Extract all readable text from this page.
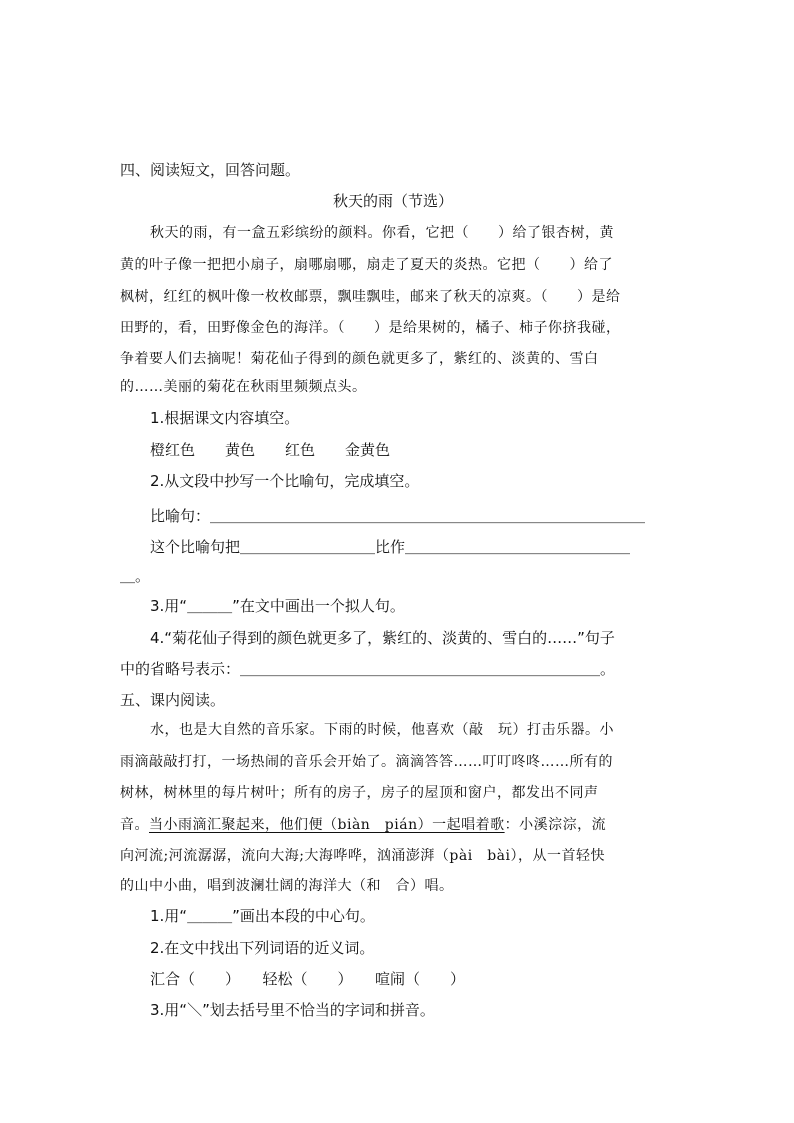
四、阅读短文，回答问题。
秋天的雨（节选）
秋天的雨，有一盒五彩缤纷的颜料。你看，它把（　　）给了银杏树，黄
黄的叶子像一把把小扇子，扇哪扇哪，扇走了夏天的炎热。它把（　　）给了
枫树，红红的枫叶像一枚枚邮票，飘哇飘哇，邮来了秋天的凉爽。（　　）是给
田野的，看，田野像金色的海洋。（　　）是给果树的，橘子、柿子你挤我碰，
争着要人们去摘呢！菊花仙子得到的颜色就更多了，紫红的、淡黄的、雪白
的……美丽的菊花在秋雨里频频点头。
1.根据课文内容填空。
橙红色　　黄色　　红色　　金黄色
2.从文段中抄写一个比喻句，完成填空。
比喻句：＿＿＿＿＿＿＿＿＿＿＿＿＿＿＿＿＿＿＿＿＿＿＿＿＿＿＿＿＿
这个比喻句把＿＿＿＿＿＿＿＿＿比作＿＿＿＿＿＿＿＿＿＿＿＿＿＿＿
＿。
3.用“＿＿＿”在文中画出一个拟人句。
4.“菊花仙子得到的颜色就更多了，紫红的、淡黄的、雪白的……”句子
中的省略号表示：＿＿＿＿＿＿＿＿＿＿＿＿＿＿＿＿＿＿＿＿＿＿＿＿。
五、课内阅读。
水，也是大自然的音乐家。下雨的时候，他喜欢（敲　玩）打击乐器。小
雨滴敲敲打打，一场热闹的音乐会开始了。滴滴答答……叮叮咚咚……所有的
树林，树林里的每片树叶；所有的房子，房子的屋顶和窗户，都发出不同声
音。当小雨滴汇聚起来，他们便（biàn　pián）一起唱着歌：小溪淙淙，流
向河流;河流潺潺，流向大海;大海哗哗，汹涌澎湃（pài　bài），从一首轻快
的山中小曲，唱到波澜壮阔的海洋大（和　合）唱。
1.用“＿＿＿”画出本段的中心句。
2.在文中找出下列词语的近义词。
汇合（　　）　　轻松（　　）　　喧闹（　　）
3.用“＼”划去括号里不恰当的字词和拼音。
